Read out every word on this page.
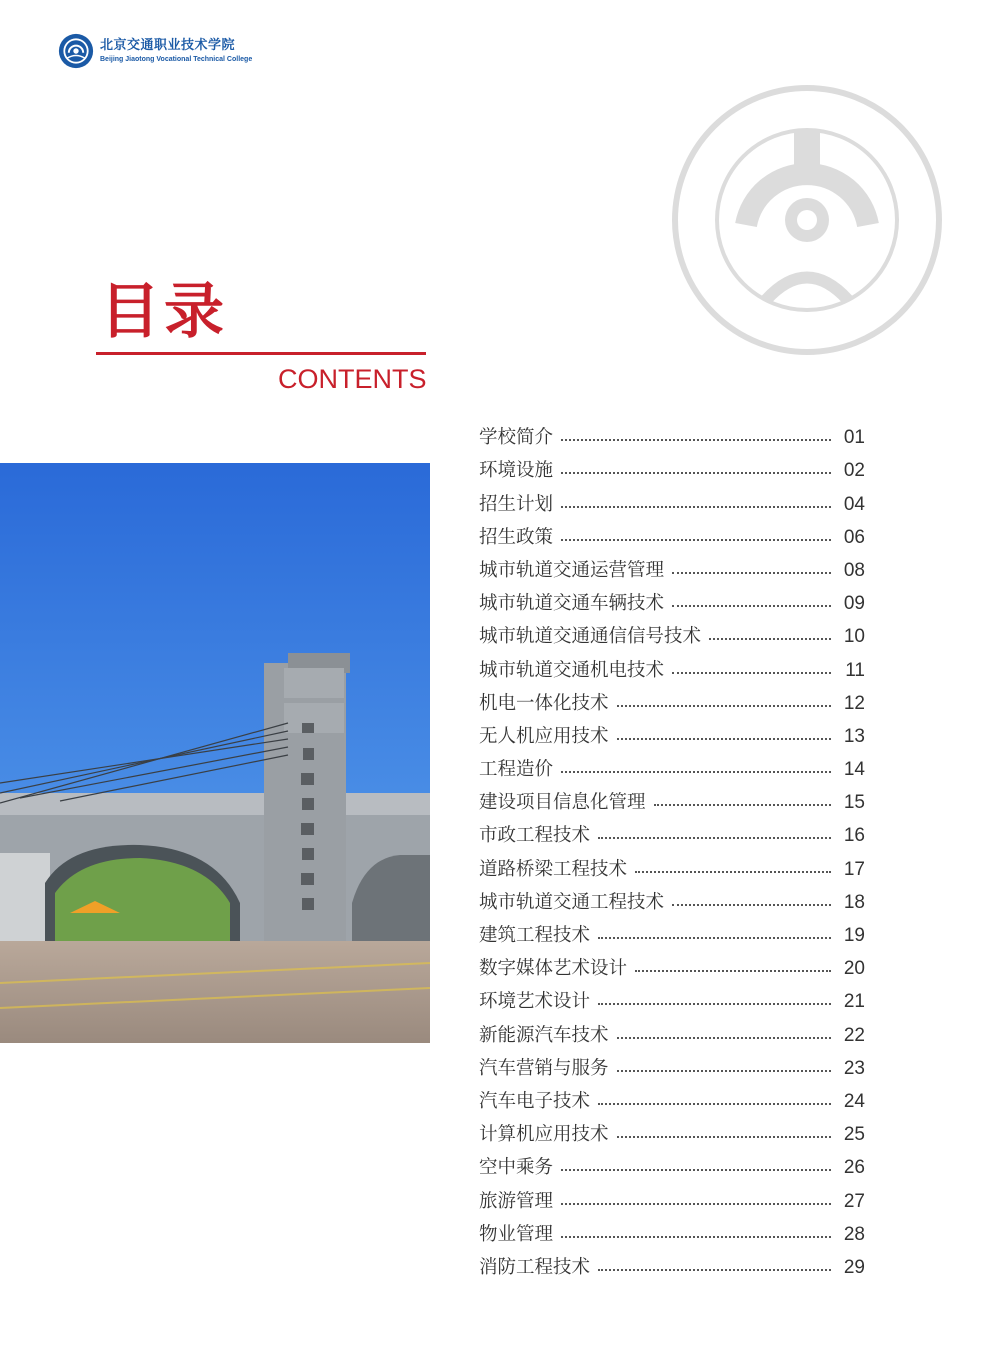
北京交通职业技术学院
Beijing Jiaotong Vocational Technical College
目录
CONTENTS
学校简介	01
环境设施	02
招生计划	04
招生政策	06
城市轨道交通运营管理	08
城市轨道交通车辆技术	09
城市轨道交通通信信号技术	10
城市轨道交通机电技术	11
机电一体化技术	12
无人机应用技术	13
工程造价	14
建设项目信息化管理	15
市政工程技术	16
道路桥梁工程技术	17
城市轨道交通工程技术	18
建筑工程技术	19
数字媒体艺术设计	20
环境艺术设计	21
新能源汽车技术	22
汽车营销与服务	23
汽车电子技术	24
计算机应用技术	25
空中乘务	26
旅游管理	27
物业管理	28
消防工程技术	29
